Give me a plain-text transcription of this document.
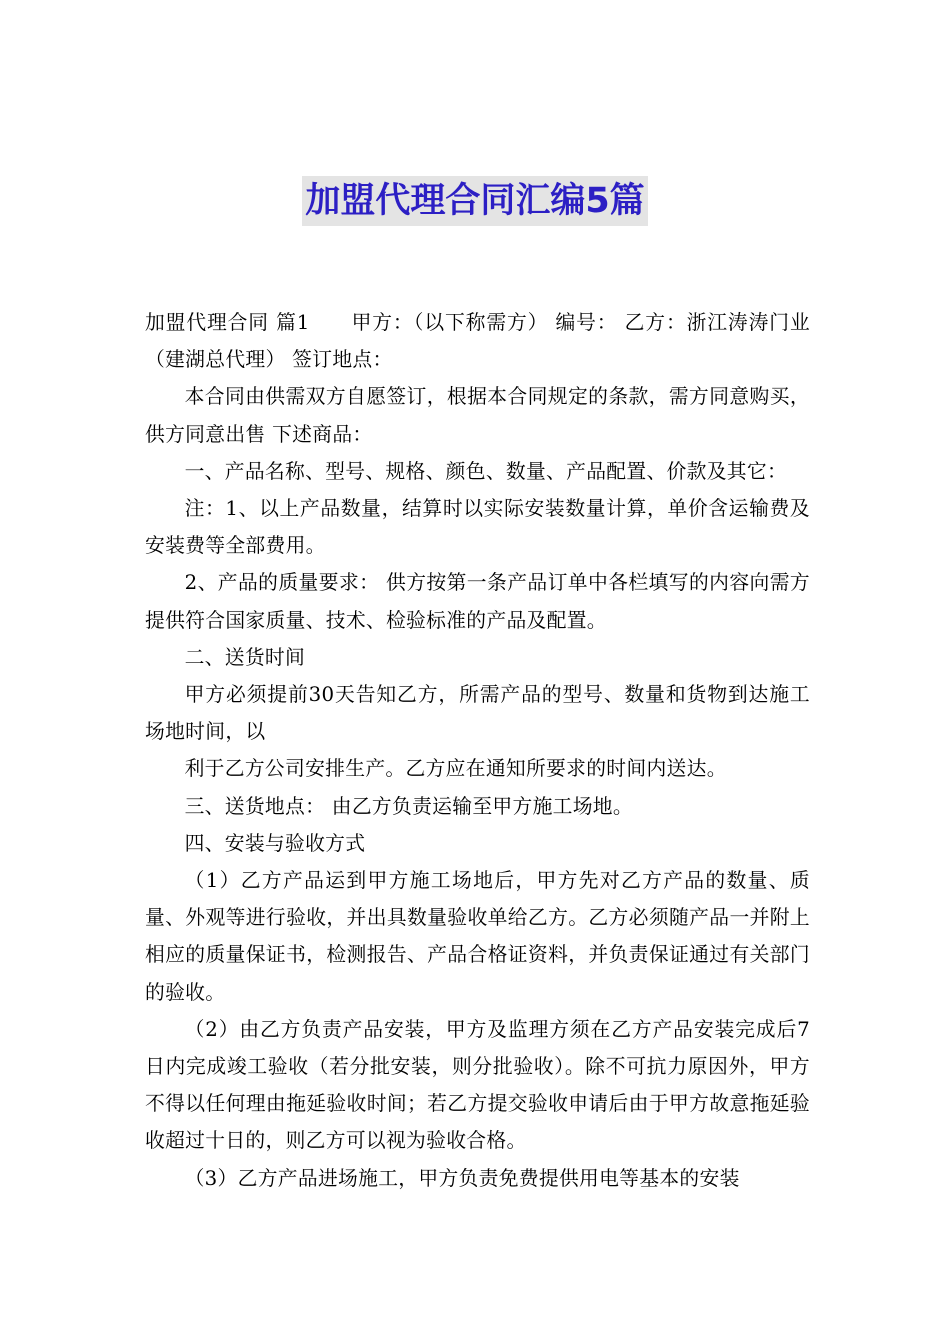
加盟代理合同汇编5篇

加盟代理合同 篇1　　甲方：（以下称需方） 编号： 乙方：浙江涛涛门业（建湖总代理） 签订地点：

本合同由供需双方自愿签订，根据本合同规定的条款，需方同意购买，供方同意出售 下述商品：

一、产品名称、型号、规格、颜色、数量、产品配置、价款及其它：

注：1、以上产品数量，结算时以实际安装数量计算，单价含运输费及安装费等全部费用。

2、产品的质量要求： 供方按第一条产品订单中各栏填写的内容向需方提供符合国家质量、技术、检验标准的产品及配置。

二、送货时间

甲方必须提前30天告知乙方，所需产品的型号、数量和货物到达施工场地时间，以

利于乙方公司安排生产。乙方应在通知所要求的时间内送达。

三、送货地点： 由乙方负责运输至甲方施工场地。

四、安装与验收方式

（1）乙方产品运到甲方施工场地后，甲方先对乙方产品的数量、质量、外观等进行验收，并出具数量验收单给乙方。乙方必须随产品一并附上相应的质量保证书，检测报告、产品合格证资料，并负责保证通过有关部门的验收。

（2）由乙方负责产品安装，甲方及监理方须在乙方产品安装完成后7日内完成竣工验收（若分批安装，则分批验收）。除不可抗力原因外，甲方不得以任何理由拖延验收时间；若乙方提交验收申请后由于甲方故意拖延验收超过十日的，则乙方可以视为验收合格。

（3）乙方产品进场施工，甲方负责免费提供用电等基本的安装
